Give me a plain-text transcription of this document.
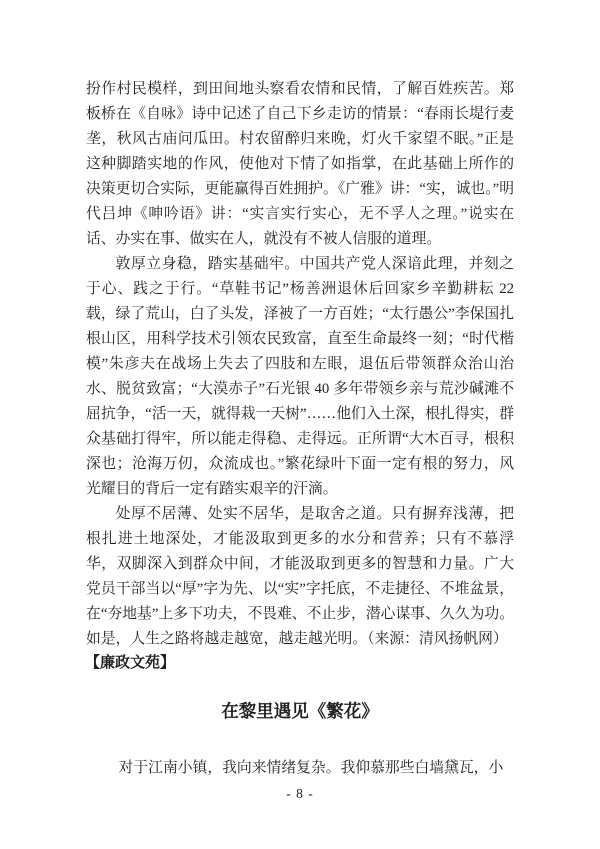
扮作村民模样，到田间地头察看农情和民情，了解百姓疾苦。郑板桥在《自咏》诗中记述了自己下乡走访的情景：“春雨长堤行麦垄，秋风古庙问瓜田。村农留醉归来晚，灯火千家望不眠。”正是这种脚踏实地的作风，使他对下情了如指掌，在此基础上所作的决策更切合实际，更能赢得百姓拥护。《广雅》讲：“实，诚也。”明代吕坤《呻吟语》讲：“实言实行实心，无不孚人之理。”说实在话、办实在事、做实在人，就没有不被人信服的道理。
敦厚立身稳，踏实基础牢。中国共产党人深谙此理，并刻之于心、践之于行。“草鞋书记”杨善洲退休后回家乡辛勤耕耘 22 载，绿了荒山，白了头发，泽被了一方百姓；“太行愚公”李保国扎根山区，用科学技术引领农民致富，直至生命最终一刻；“时代楷模”朱彦夫在战场上失去了四肢和左眼，退伍后带领群众治山治水、脱贫致富；“大漠赤子”石光银 40 多年带领乡亲与荒沙碱滩不屈抗争，“活一天，就得栽一天树”……他们入土深，根扎得实，群众基础打得牢，所以能走得稳、走得远。正所谓“大木百寻，根积深也；沧海万仞，众流成也。”繁花绿叶下面一定有根的努力，风光耀目的背后一定有踏实艰辛的汗滴。
处厚不居薄、处实不居华，是取舍之道。只有摒弃浅薄，把根扎进土地深处，才能汲取到更多的水分和营养；只有不慕浮华，双脚深入到群众中间，才能汲取到更多的智慧和力量。广大党员干部当以“厚”字为先、以“实”字托底，不走捷径、不堆盆景，在“夯地基”上多下功夫，不畏难、不止步，潜心谋事、久久为功。如是，人生之路将越走越宽，越走越光明。（来源：清风扬帆网）
【廉政文苑】
在黎里遇见《繁花》
对于江南小镇，我向来情绪复杂。我仰慕那些白墙黛瓦，小
- 8 -
